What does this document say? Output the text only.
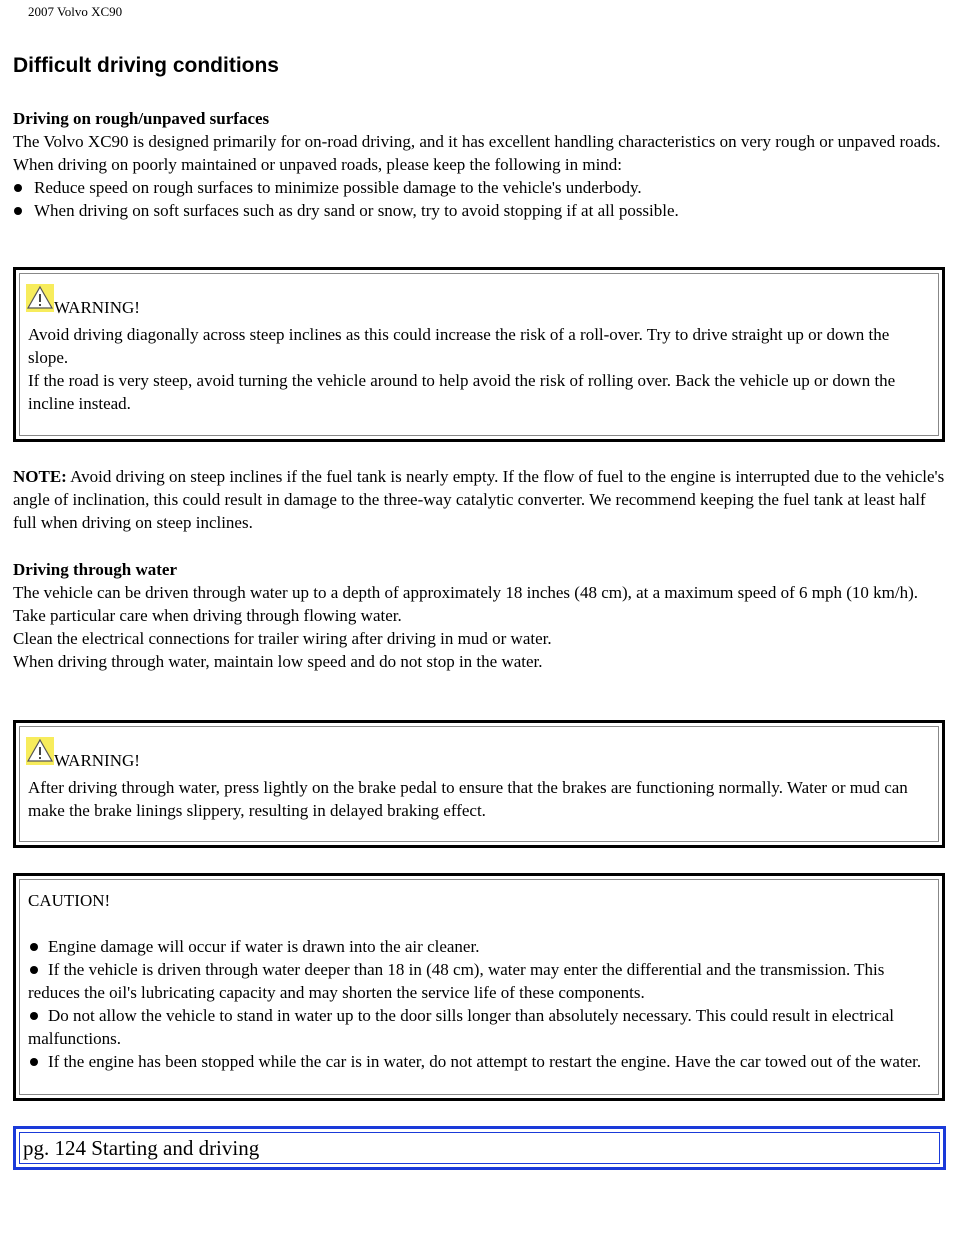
2007 Volvo XC90
Difficult driving conditions
Driving on rough/unpaved surfaces
The Volvo XC90 is designed primarily for on-road driving, and it has excellent handling characteristics on very rough or unpaved roads.
When driving on poorly maintained or unpaved roads, please keep the following in mind:
Reduce speed on rough surfaces to minimize possible damage to the vehicle's underbody.
When driving on soft surfaces such as dry sand or snow, try to avoid stopping if at all possible.
WARNING!
Avoid driving diagonally across steep inclines as this could increase the risk of a roll-over. Try to drive straight up or down the slope.
If the road is very steep, avoid turning the vehicle around to help avoid the risk of rolling over. Back the vehicle up or down the incline instead.
NOTE: Avoid driving on steep inclines if the fuel tank is nearly empty. If the flow of fuel to the engine is interrupted due to the vehicle's angle of inclination, this could result in damage to the three-way catalytic converter. We recommend keeping the fuel tank at least half full when driving on steep inclines.
Driving through water
The vehicle can be driven through water up to a depth of approximately 18 inches (48 cm), at a maximum speed of 6 mph (10 km/h).
Take particular care when driving through flowing water.
Clean the electrical connections for trailer wiring after driving in mud or water.
When driving through water, maintain low speed and do not stop in the water.
WARNING!
After driving through water, press lightly on the brake pedal to ensure that the brakes are functioning normally. Water or mud can make the brake linings slippery, resulting in delayed braking effect.
CAUTION!
Engine damage will occur if water is drawn into the air cleaner.
If the vehicle is driven through water deeper than 18 in (48 cm), water may enter the differential and the transmission. This reduces the oil's lubricating capacity and may shorten the service life of these components.
Do not allow the vehicle to stand in water up to the door sills longer than absolutely necessary. This could result in electrical malfunctions.
If the engine has been stopped while the car is in water, do not attempt to restart the engine. Have the car towed out of the water.
pg. 124 Starting and driving
